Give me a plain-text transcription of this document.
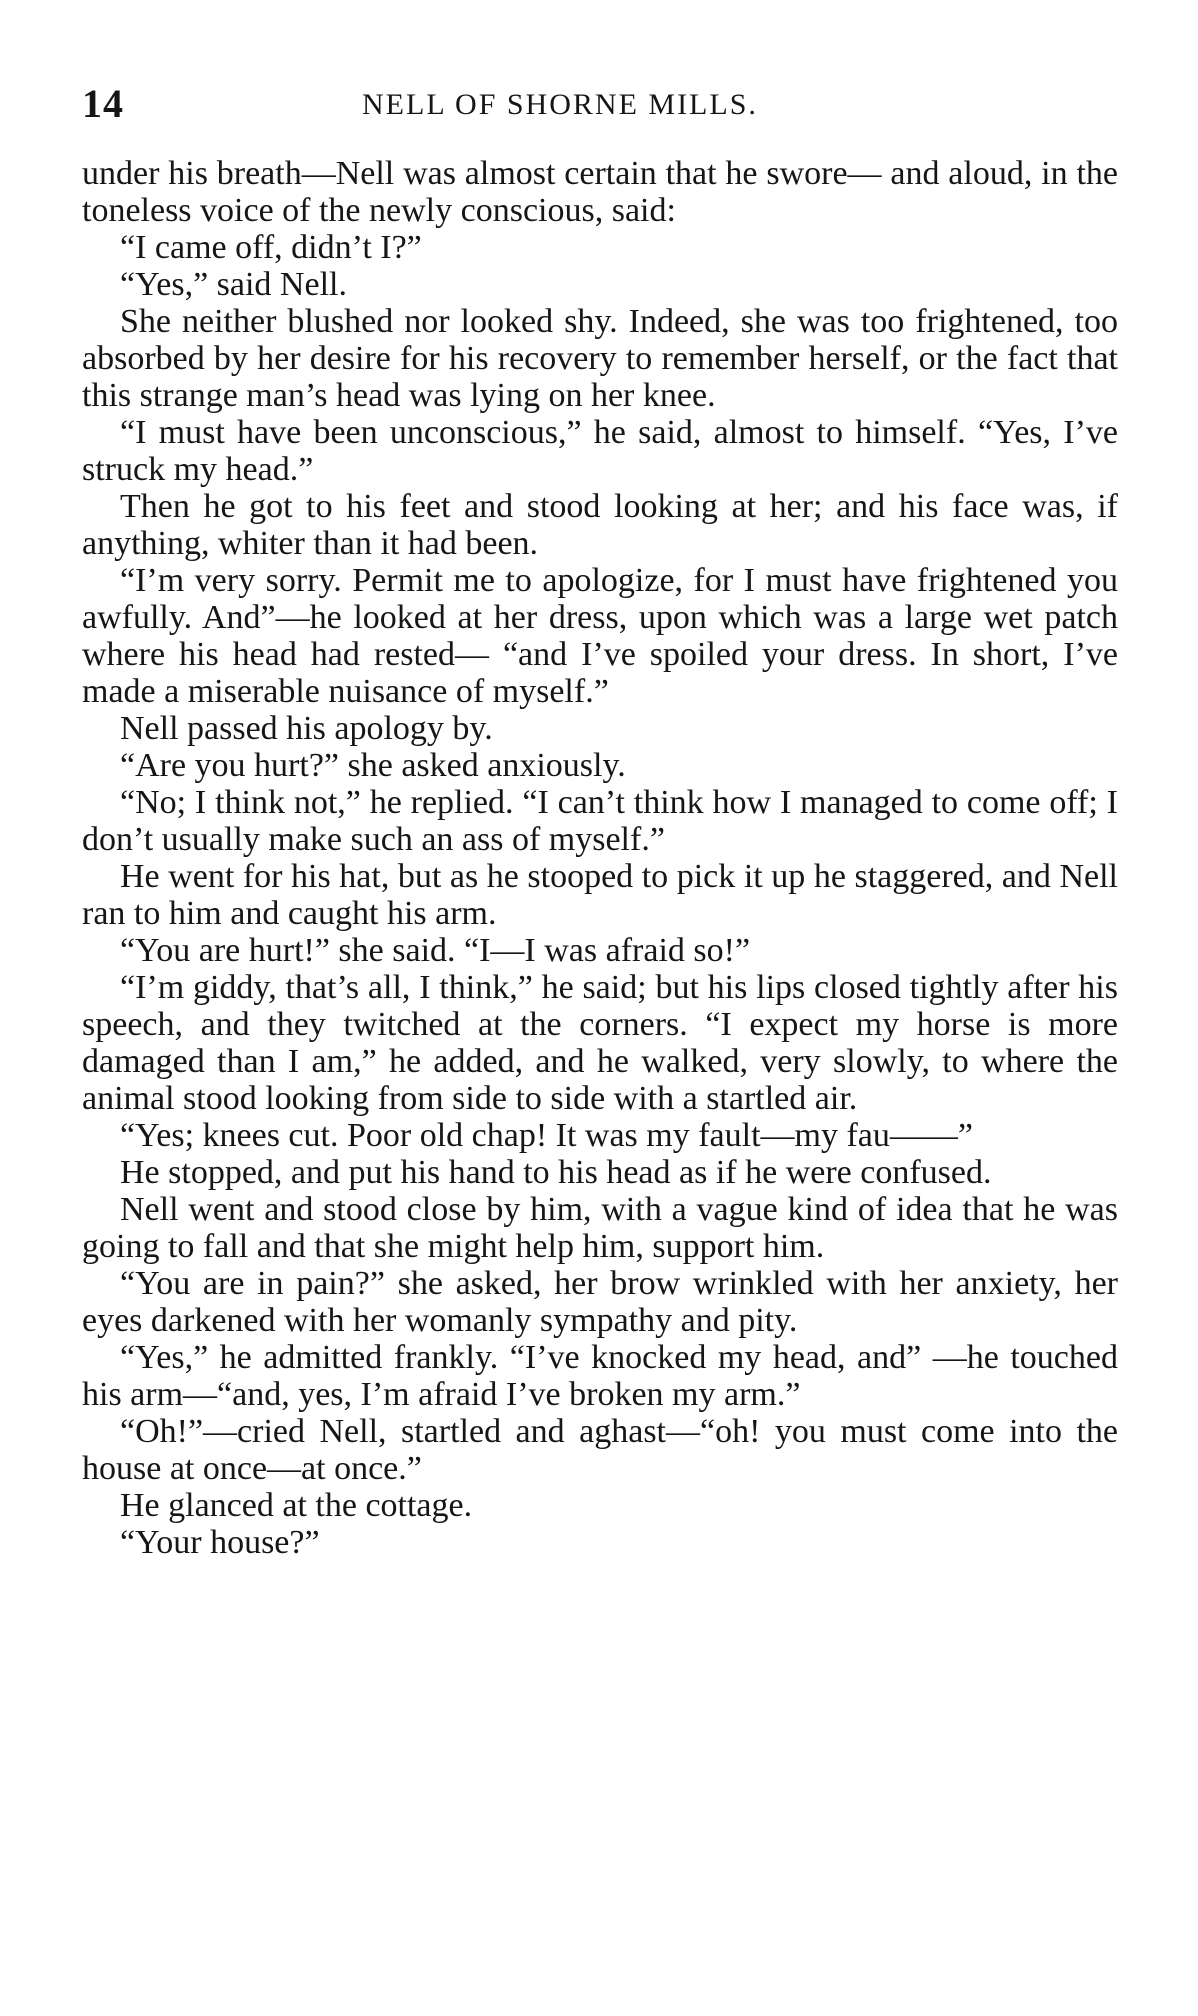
14	NELL OF SHORNE MILLS.

under his breath—Nell was almost certain that he swore— and aloud, in the toneless voice of the newly conscious, said:

“I came off, didn’t I?”

“Yes,” said Nell.

She neither blushed nor looked shy. Indeed, she was too frightened, too absorbed by her desire for his recovery to remember herself, or the fact that this strange man’s head was lying on her knee.

“I must have been unconscious,” he said, almost to himself. “Yes, I’ve struck my head.”

Then he got to his feet and stood looking at her; and his face was, if anything, whiter than it had been.

“I’m very sorry. Permit me to apologize, for I must have frightened you awfully. And”—he looked at her dress, upon which was a large wet patch where his head had rested— “and I’ve spoiled your dress. In short, I’ve made a miserable nuisance of myself.”

Nell passed his apology by.

“Are you hurt?” she asked anxiously.

“No; I think not,” he replied. “I can’t think how I managed to come off; I don’t usually make such an ass of myself.”

He went for his hat, but as he stooped to pick it up he staggered, and Nell ran to him and caught his arm.

“You are hurt!” she said. “I—I was afraid so!”

“I’m giddy, that’s all, I think,” he said; but his lips closed tightly after his speech, and they twitched at the corners. “I expect my horse is more damaged than I am,” he added, and he walked, very slowly, to where the animal stood looking from side to side with a startled air.

“Yes; knees cut. Poor old chap! It was my fault—my fau——”

He stopped, and put his hand to his head as if he were confused.

Nell went and stood close by him, with a vague kind of idea that he was going to fall and that she might help him, support him.

“You are in pain?” she asked, her brow wrinkled with her anxiety, her eyes darkened with her womanly sympathy and pity.

“Yes,” he admitted frankly. “I’ve knocked my head, and” —he touched his arm—“and, yes, I’m afraid I’ve broken my arm.”

“Oh!”—cried Nell, startled and aghast—“oh! you must come into the house at once—at once.”

He glanced at the cottage.

“Your house?”
